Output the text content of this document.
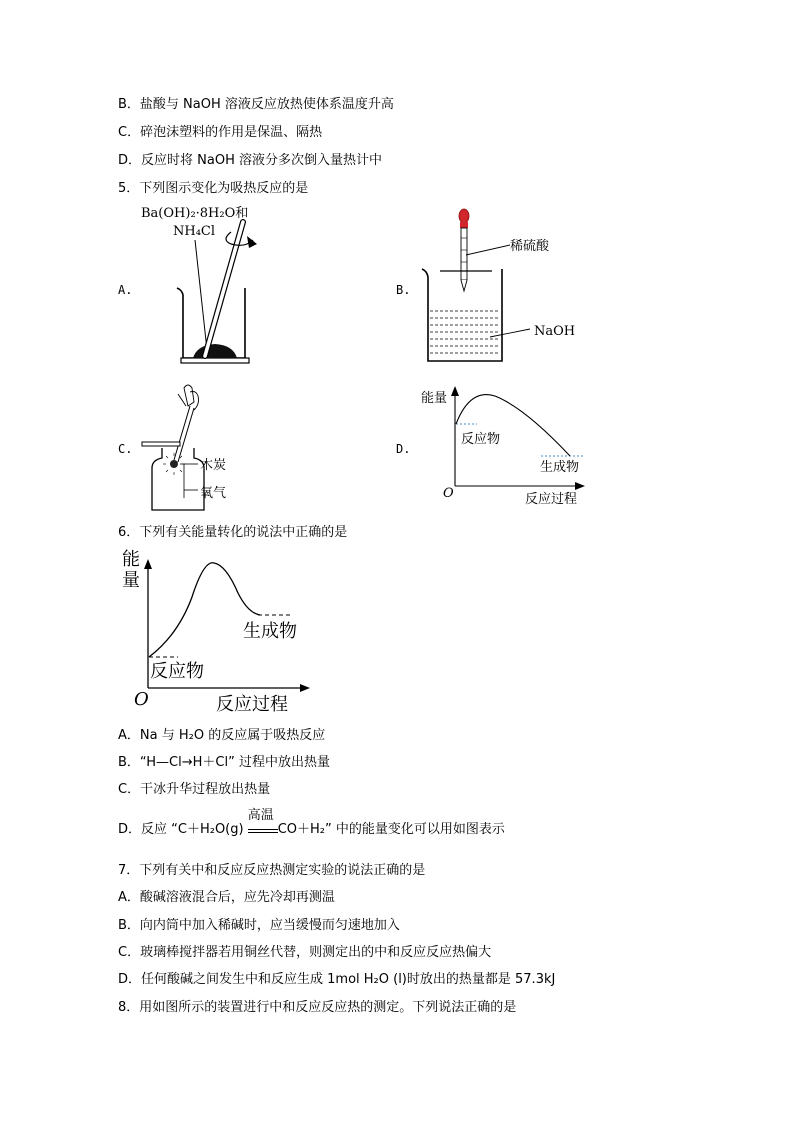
B．盐酸与 NaOH 溶液反应放热使体系温度升高
C．碎泡沫塑料的作用是保温、隔热
D．反应时将 NaOH 溶液分多次倒入量热计中
5．下列图示变化为吸热反应的是
A.	B.
C.	D.
Ba(OH)₂·8H₂O和
NH₄Cl
稀硫酸
NaOH
木炭
氧气
能量
反应物
生成物
O	反应过程
6．下列有关能量转化的说法中正确的是
能
量
生成物
反应物
O	反应过程
A．Na 与 H₂O 的反应属于吸热反应
B．“H—Cl→H＋Cl” 过程中放出热量
C．干冰升华过程放出热量
D．反应 “C＋H₂O(g)
高温
CO＋H₂” 中的能量变化可以用如图表示
7．下列有关中和反应反应热测定实验的说法正确的是
A．酸碱溶液混合后，应先冷却再测温
B．向内筒中加入稀碱时，应当缓慢而匀速地加入
C．玻璃棒搅拌器若用铜丝代替，则测定出的中和反应反应热偏大
D．任何酸碱之间发生中和反应生成 1mol H₂O (l)时放出的热量都是 57.3kJ
8．用如图所示的装置进行中和反应反应热的测定。下列说法正确的是
